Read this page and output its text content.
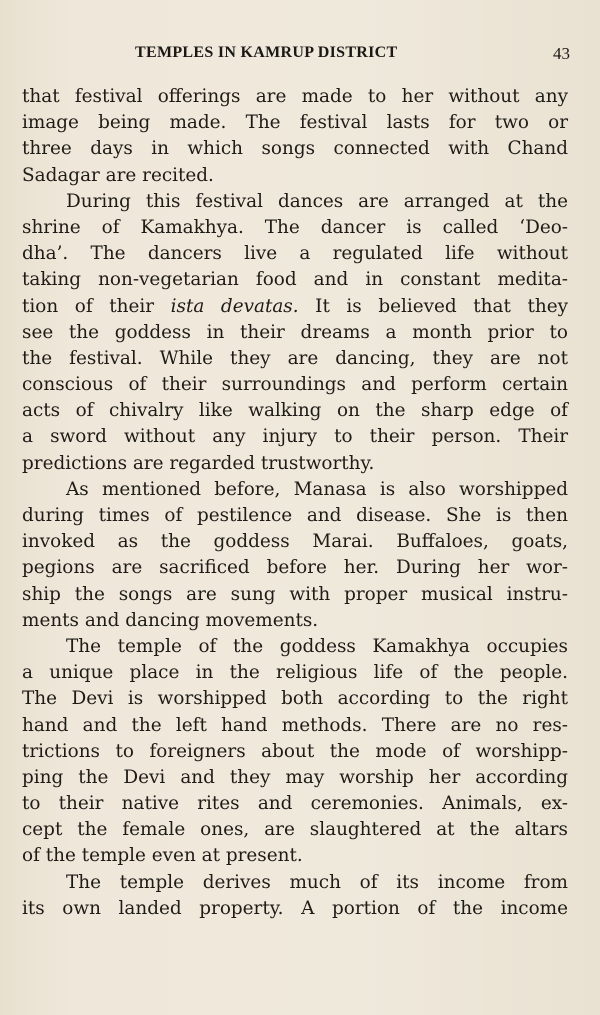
TEMPLES IN KAMRUP DISTRICT	43
that festival offerings are made to her without any
image being made. The festival lasts for two or
three days in which songs connected with Chand
Sadagar are recited.
During this festival dances are arranged at the
shrine of Kamakhya. The dancer is called ‘Deo-
dha’. The dancers live a regulated life without
taking non-vegetarian food and in constant medita-
tion of their ista devatas. It is believed that they
see the goddess in their dreams a month prior to
the festival. While they are dancing, they are not
conscious of their surroundings and perform certain
acts of chivalry like walking on the sharp edge of
a sword without any injury to their person. Their
predictions are regarded trustworthy.
As mentioned before, Manasa is also worshipped
during times of pestilence and disease. She is then
invoked as the goddess Marai. Buffaloes, goats,
pegions are sacrificed before her. During her wor-
ship the songs are sung with proper musical instru-
ments and dancing movements.
The temple of the goddess Kamakhya occupies
a unique place in the religious life of the people.
The Devi is worshipped both according to the right
hand and the left hand methods. There are no res-
trictions to foreigners about the mode of worshipp-
ping the Devi and they may worship her according
to their native rites and ceremonies. Animals, ex-
cept the female ones, are slaughtered at the altars
of the temple even at present.
The temple derives much of its income from
its own landed property. A portion of the income
